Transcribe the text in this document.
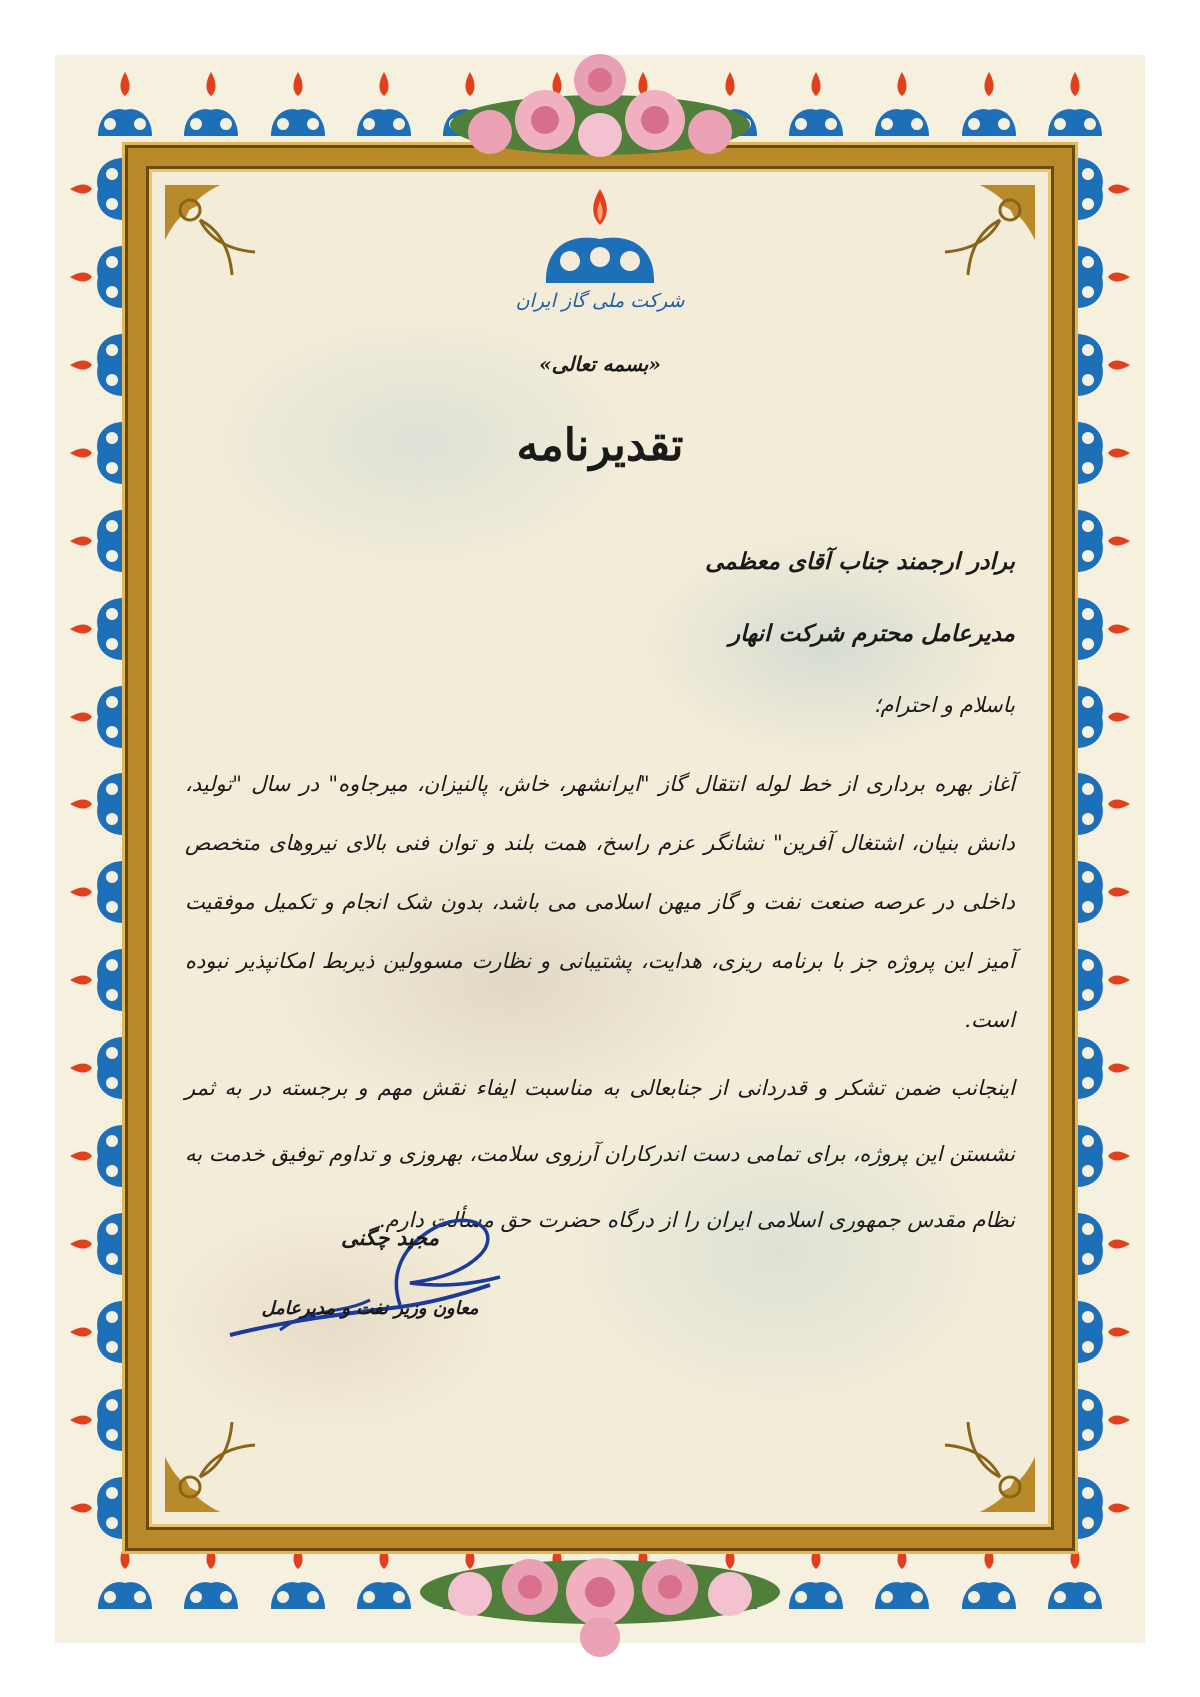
شرکت ملی گاز ایران
«بسمه تعالی»
تقدیرنامه
برادر ارجمند جناب آقای معظمی
مدیرعامل محترم شرکت انهار
باسلام و احترام؛
آغاز بهره برداری از خط لوله انتقال گاز "ایرانشهر، خاش، پالنیزان، میرجاوه" در سال "تولید، دانش بنیان، اشتغال آفرین" نشانگر عزم راسخ، همت بلند و توان فنی بالای نیروهای متخصص داخلی در عرصه صنعت نفت و گاز میهن اسلامی می باشد، بدون شک انجام و تکمیل موفقیت آمیز این پروژه جز با برنامه ریزی، هدایت، پشتیبانی و نظارت مسوولین ذیربط امکانپذیر نبوده است.
اینجانب ضمن تشکر و قدردانی از جنابعالی به مناسبت ایفاء نقش مهم و برجسته در به ثمر نشستن این پروژه، برای تمامی دست اندرکاران آرزوی سلامت، بهروزی و تداوم توفیق خدمت به نظام مقدس جمهوری اسلامی ایران را از درگاه حضرت حق مسألت دارم.
مجید چگنی
معاون وزیر نفت و مدیرعامل
